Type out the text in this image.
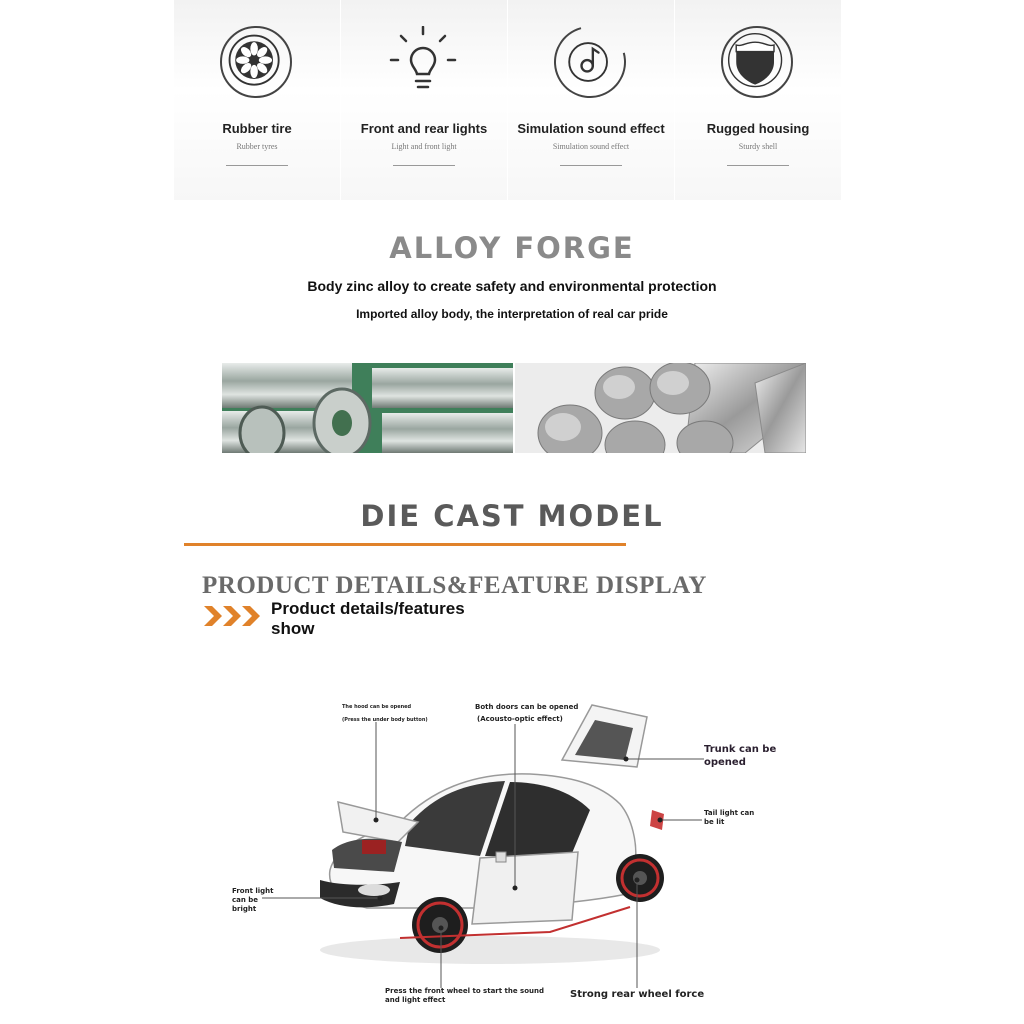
Rubber tire
Rubber tyres
Front and rear lights
Light and front light
Simulation sound effect
Simulation sound effect
Rugged housing
Sturdy shell
ALLOY FORGE
Body zinc alloy to create safety and environmental protection
Imported alloy body, the interpretation of real car pride
DIE CAST MODEL
PRODUCT DETAILS&FEATURE DISPLAY
Product details/features show
The hood can be opened
(Press the under body button)
Both doors can be opened
(Acousto-optic effect)
Trunk can be opened
Tail light can be lit
Front light can be bright
Press the front wheel to start the sound and light effect	Strong rear wheel force
